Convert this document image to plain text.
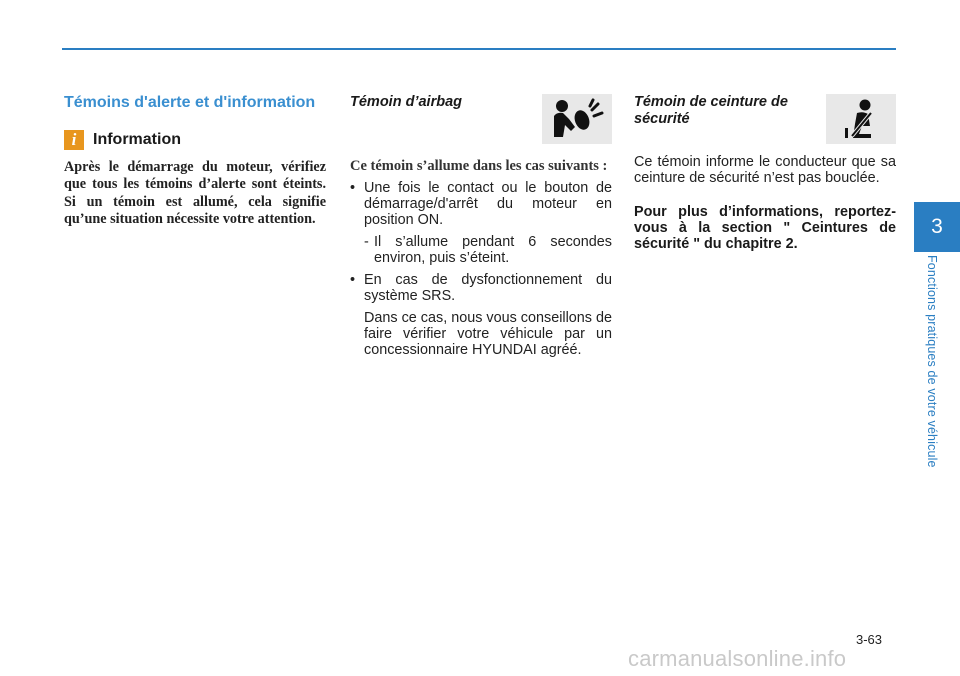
Témoins d'alerte et d'information
i	Information

Après le démarrage du moteur, vérifiez que tous les témoins d’alerte sont éteints. Si un témoin est allumé, cela signifie qu’une situation nécessite votre attention.

Témoin d’airbag

Ce témoin s’allume dans les cas suivants :

• Une fois le contact ou le bouton de démarrage/d'arrêt du moteur en position ON.
- Il s’allume pendant 6 secondes environ, puis s’éteint.
• En cas de dysfonctionnement du système SRS.
Dans ce cas, nous vous conseillons de faire vérifier votre véhicule par un concessionnaire HYUNDAI agréé.
Témoin de ceinture de sécurité
Ce témoin informe le conducteur que sa ceinture de sécurité n’est pas bouclée.
Pour plus d’informations, reportez-vous à la section " Ceintures de sécurité " du chapitre 2.
3
Fonctions pratiques de votre véhicule
3-63
carmanualsonline.info
